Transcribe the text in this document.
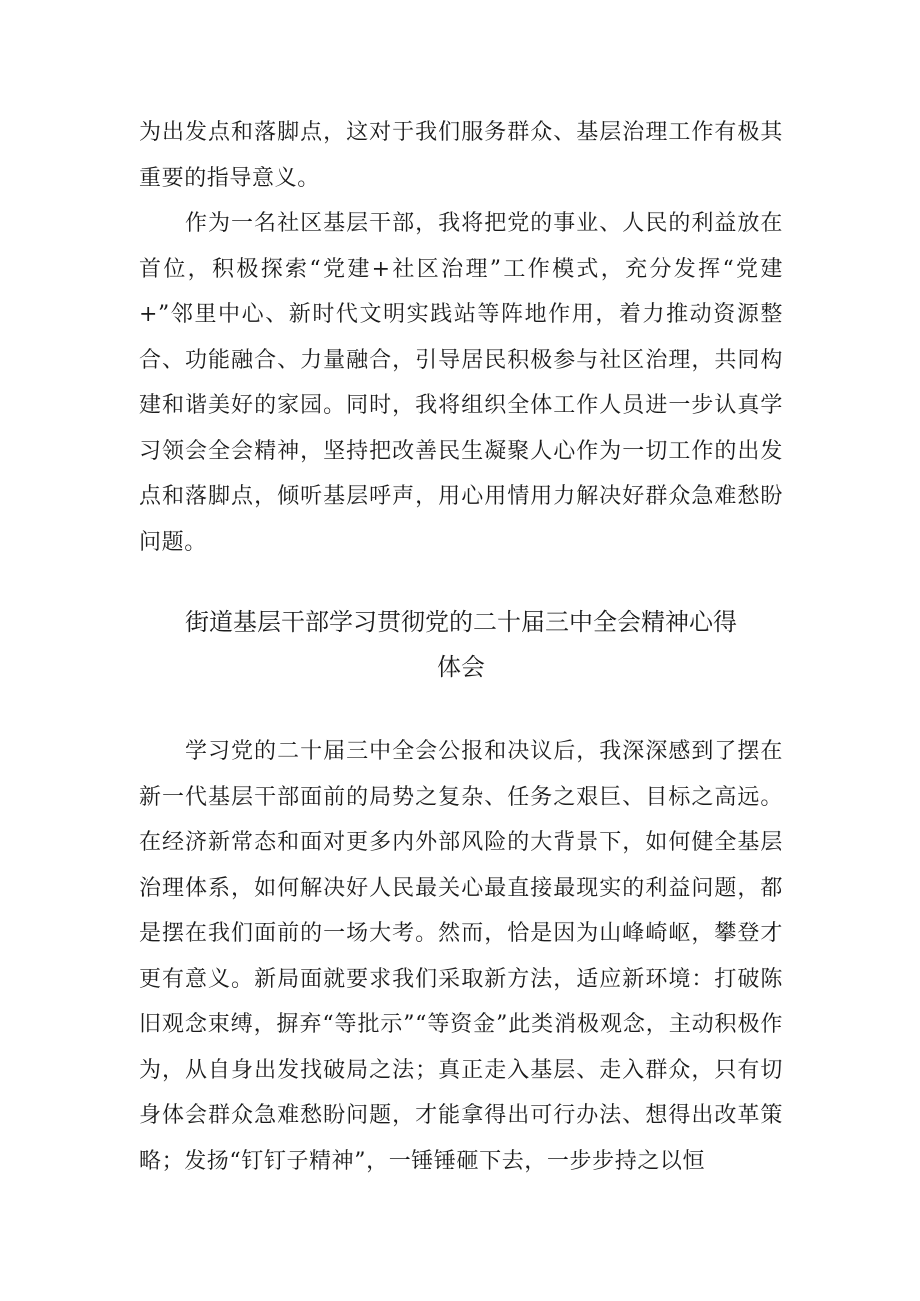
为出发点和落脚点，这对于我们服务群众、基层治理工作有极其重要的指导意义。

作为一名社区基层干部，我将把党的事业、人民的利益放在首位，积极探索“党建+社区治理”工作模式，充分发挥“党建+”邻里中心、新时代文明实践站等阵地作用，着力推动资源整合、功能融合、力量融合，引导居民积极参与社区治理，共同构建和谐美好的家园。同时，我将组织全体工作人员进一步认真学习领会全会精神，坚持把改善民生凝聚人心作为一切工作的出发点和落脚点，倾听基层呼声，用心用情用力解决好群众急难愁盼问题。

街道基层干部学习贯彻党的二十届三中全会精神心得
体会

学习党的二十届三中全会公报和决议后，我深深感到了摆在新一代基层干部面前的局势之复杂、任务之艰巨、目标之高远。在经济新常态和面对更多内外部风险的大背景下，如何健全基层治理体系，如何解决好人民最关心最直接最现实的利益问题，都是摆在我们面前的一场大考。然而，恰是因为山峰崎岖，攀登才更有意义。新局面就要求我们采取新方法，适应新环境：打破陈旧观念束缚，摒弃“等批示”“等资金”此类消极观念，主动积极作为，从自身出发找破局之法；真正走入基层、走入群众，只有切身体会群众急难愁盼问题，才能拿得出可行办法、想得出改革策略；发扬“钉钉子精神”，一锤锤砸下去，一步步持之以恒
